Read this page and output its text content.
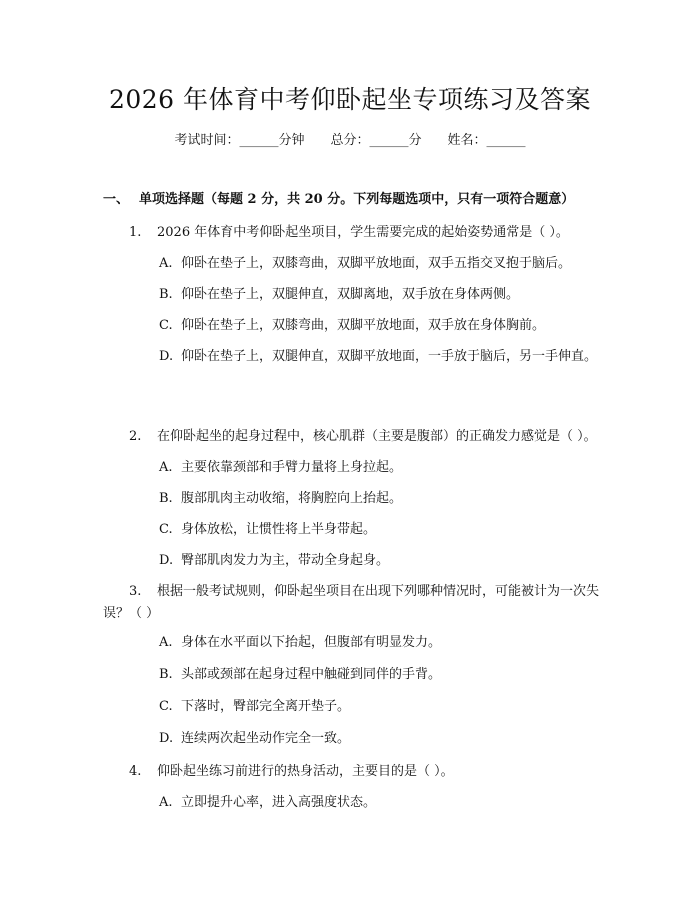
2026 年体育中考仰卧起坐专项练习及答案
考试时间：______分钟 总分：______分 姓名：______
一、 单项选择题（每题 2 分，共 20 分。下列每题选项中，只有一项符合题意）
1. 2026 年体育中考仰卧起坐项目，学生需要完成的起始姿势通常是（ ）。
A. 仰卧在垫子上，双膝弯曲，双脚平放地面，双手五指交叉抱于脑后。
B. 仰卧在垫子上，双腿伸直，双脚离地，双手放在身体两侧。
C. 仰卧在垫子上，双膝弯曲，双脚平放地面，双手放在身体胸前。
D. 仰卧在垫子上，双腿伸直，双脚平放地面，一手放于脑后，另一手伸直。
2. 在仰卧起坐的起身过程中，核心肌群（主要是腹部）的正确发力感觉是（ ）。
A. 主要依靠颈部和手臂力量将上身拉起。
B. 腹部肌肉主动收缩，将胸腔向上抬起。
C. 身体放松，让惯性将上半身带起。
D. 臀部肌肉发力为主，带动全身起身。
3. 根据一般考试规则，仰卧起坐项目在出现下列哪种情况时，可能被计为一次失误？（ ）
A. 身体在水平面以下抬起，但腹部有明显发力。
B. 头部或颈部在起身过程中触碰到同伴的手背。
C. 下落时，臀部完全离开垫子。
D. 连续两次起坐动作完全一致。
4. 仰卧起坐练习前进行的热身活动，主要目的是（ ）。
A. 立即提升心率，进入高强度状态。
